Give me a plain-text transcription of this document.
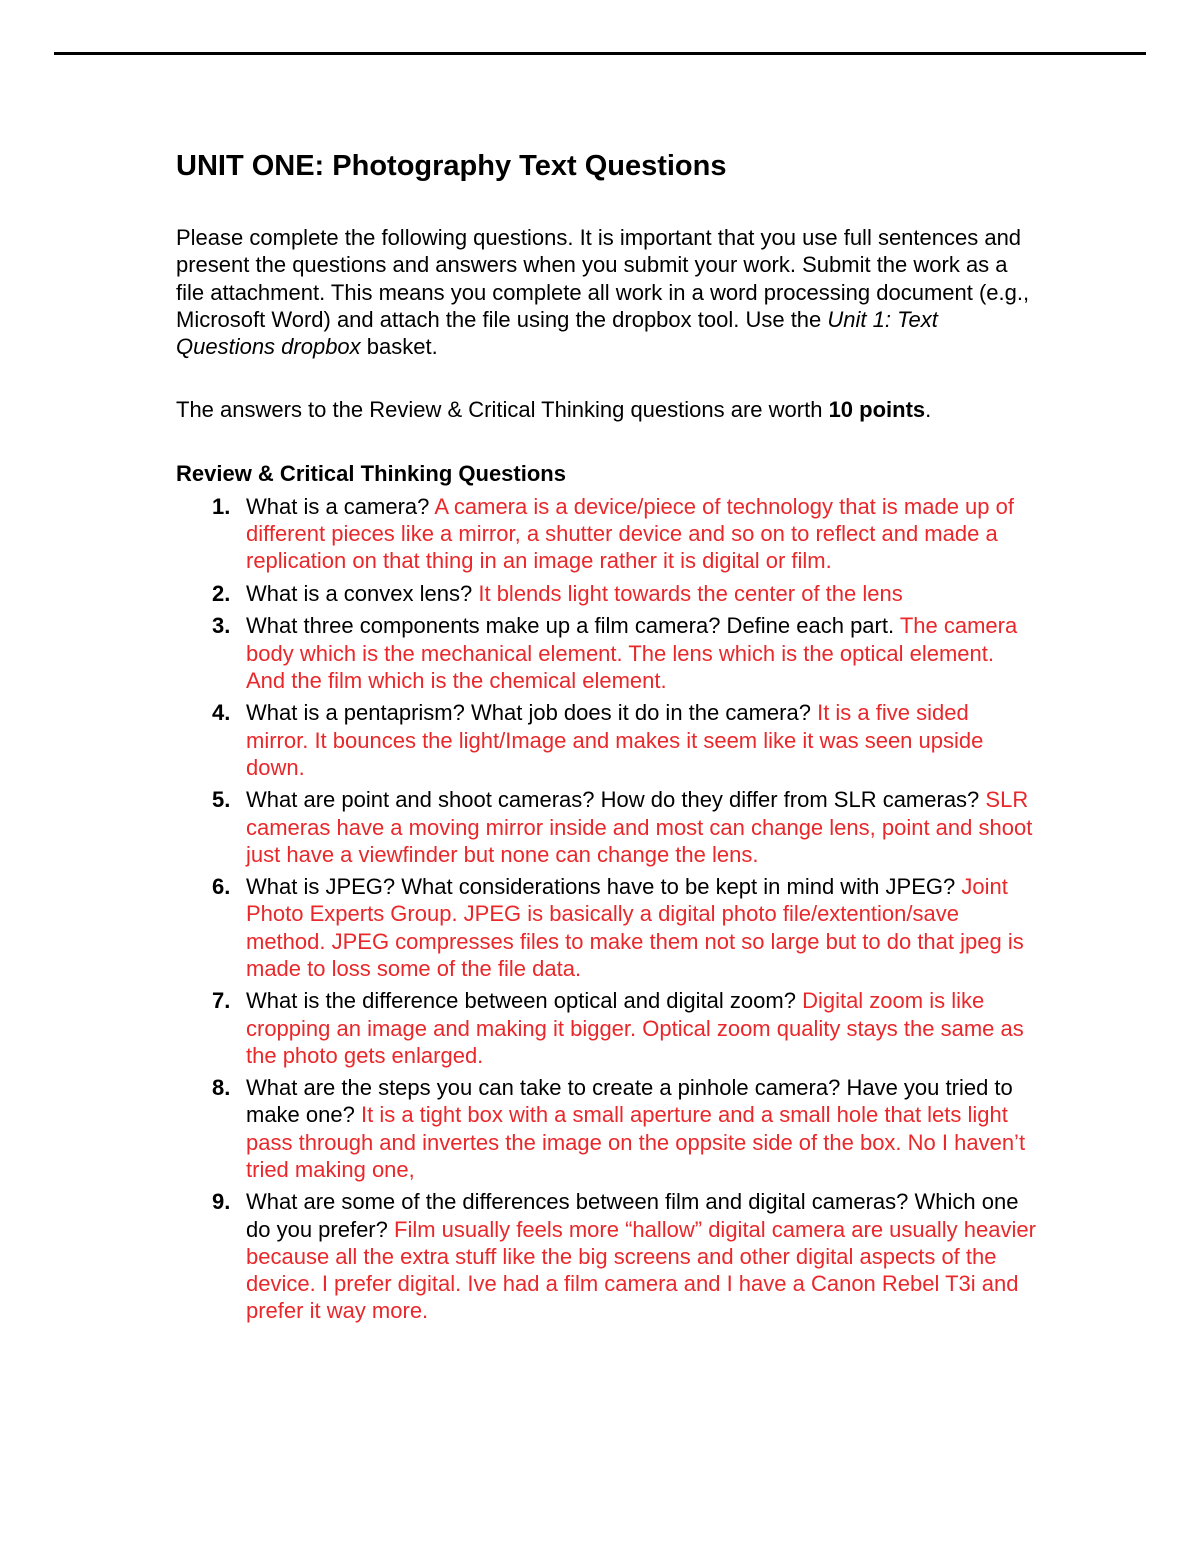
UNIT ONE: Photography Text Questions

Please complete the following questions. It is important that you use full sentences and present the questions and answers when you submit your work. Submit the work as a file attachment. This means you complete all work in a word processing document (e.g., Microsoft Word) and attach the file using the dropbox tool. Use the Unit 1: Text Questions dropbox basket.

The answers to the Review & Critical Thinking questions are worth 10 points.

Review & Critical Thinking Questions
1. What is a camera? A camera is a device/piece of technology that is made up of different pieces like a mirror, a shutter device and so on to reflect and made a replication on that thing in an image rather it is digital or film.
2. What is a convex lens? It blends light towards the center of the lens
3. What three components make up a film camera? Define each part. The camera body which is the mechanical element. The lens which is the optical element. And the film which is the chemical element.
4. What is a pentaprism? What job does it do in the camera? It is a five sided mirror. It bounces the light/Image and makes it seem like it was seen upside down.
5. What are point and shoot cameras? How do they differ from SLR cameras? SLR cameras have a moving mirror inside and most can change lens, point and shoot just have a viewfinder but none can change the lens.
6. What is JPEG? What considerations have to be kept in mind with JPEG? Joint Photo Experts Group. JPEG is basically a digital photo file/extention/save method. JPEG compresses files to make them not so large but to do that jpeg is made to loss some of the file data.
7. What is the difference between optical and digital zoom? Digital zoom is like cropping an image and making it bigger. Optical zoom quality stays the same as the photo gets enlarged.
8. What are the steps you can take to create a pinhole camera? Have you tried to make one? It is a tight box with a small aperture and a small hole that lets light pass through and invertes the image on the oppsite side of the box. No I haven’t tried making one,
9. What are some of the differences between film and digital cameras? Which one do you prefer? Film usually feels more “hallow” digital camera are usually heavier because all the extra stuff like the big screens and other digital aspects of the device. I prefer digital. Ive had a film camera and I have a Canon Rebel T3i and prefer it way more.
